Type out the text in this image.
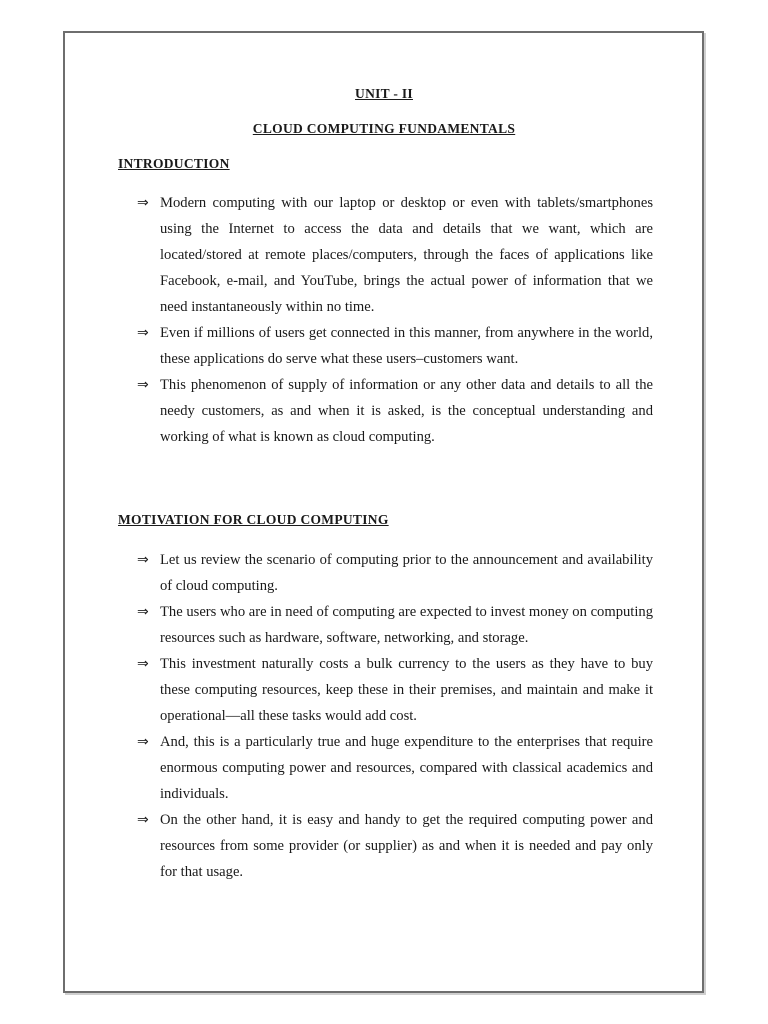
UNIT - II
CLOUD COMPUTING FUNDAMENTALS
INTRODUCTION
⇒ Modern computing with our laptop or desktop or even with tablets/smartphones using the Internet to access the data and details that we want, which are located/stored at remote places/computers, through the faces of applications like Facebook, e-mail, and YouTube, brings the actual power of information that we need instantaneously within no time.
⇒ Even if millions of users get connected in this manner, from anywhere in the world, these applications do serve what these users–customers want.
⇒ This phenomenon of supply of information or any other data and details to all the needy customers, as and when it is asked, is the conceptual understanding and working of what is known as cloud computing.
MOTIVATION FOR CLOUD COMPUTING
⇒ Let us review the scenario of computing prior to the announcement and availability of cloud computing.
⇒ The users who are in need of computing are expected to invest money on computing resources such as hardware, software, networking, and storage.
⇒ This investment naturally costs a bulk currency to the users as they have to buy these computing resources, keep these in their premises, and maintain and make it operational—all these tasks would add cost.
⇒ And, this is a particularly true and huge expenditure to the enterprises that require enormous computing power and resources, compared with classical academics and individuals.
⇒ On the other hand, it is easy and handy to get the required computing power and resources from some provider (or supplier) as and when it is needed and pay only for that usage.
